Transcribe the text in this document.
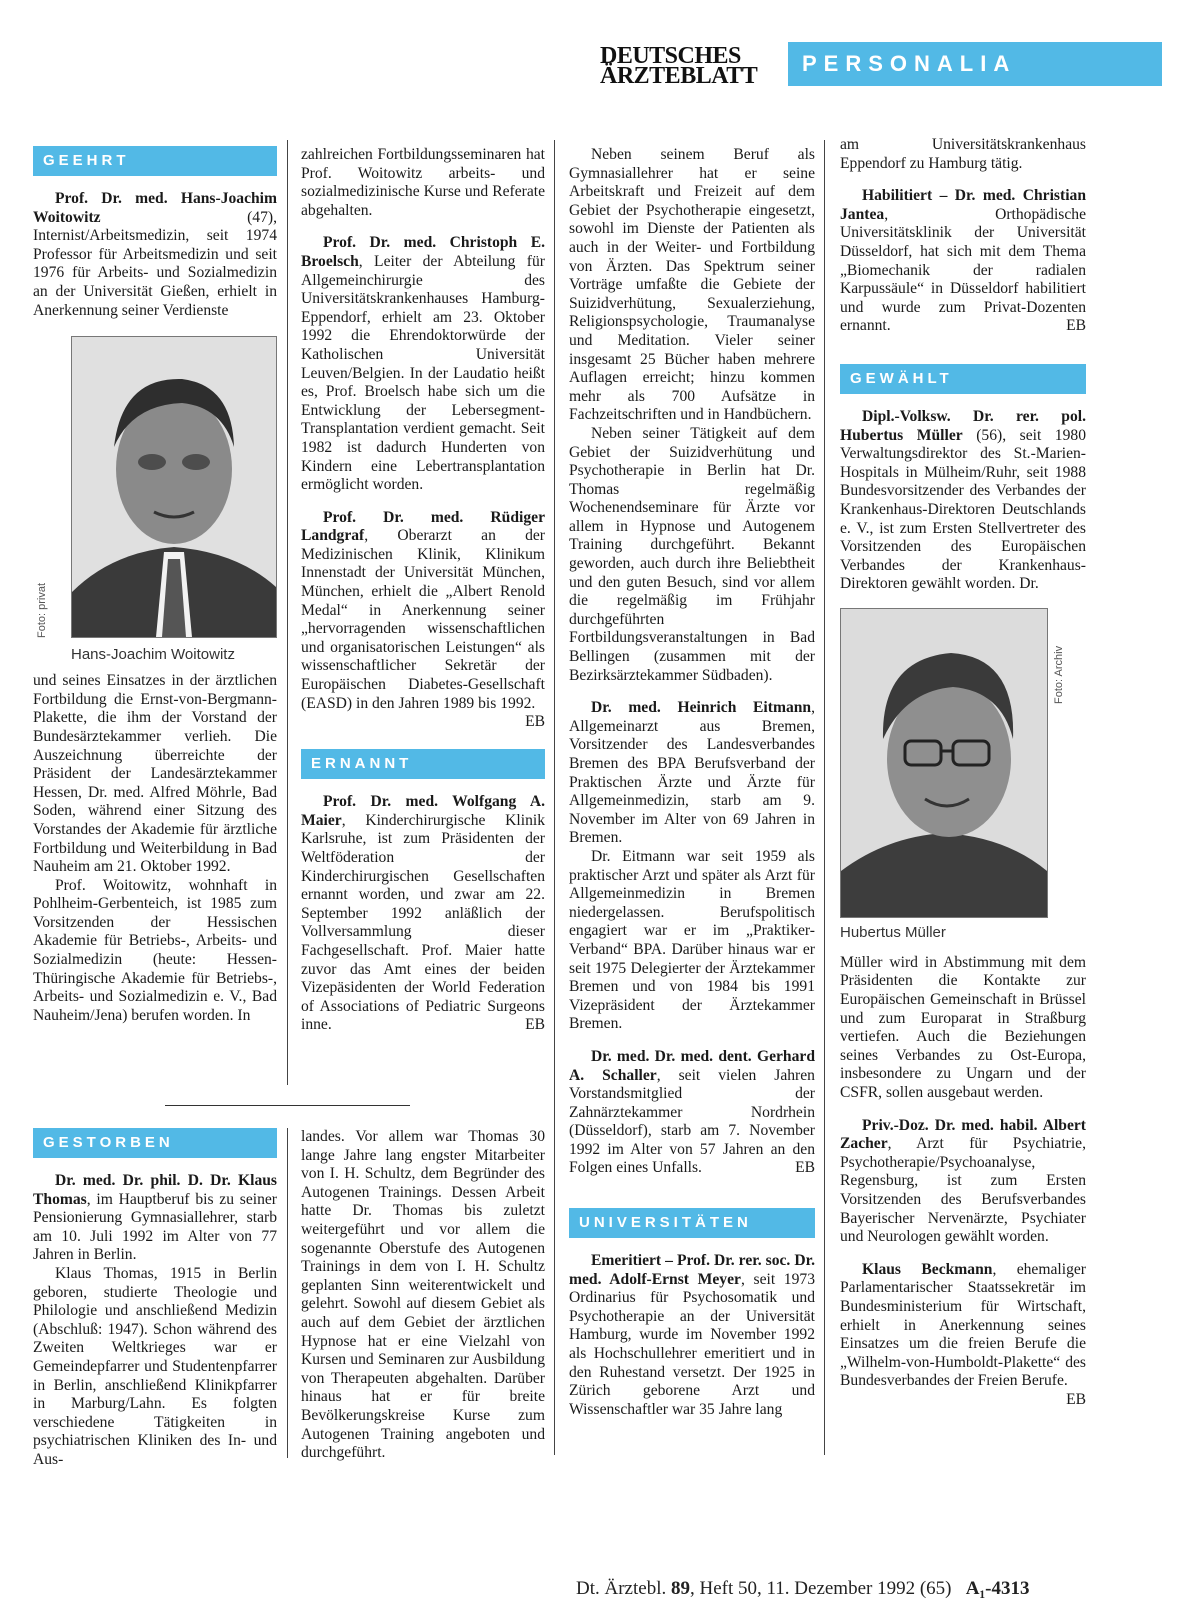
DEUTSCHES
ÄRZTEBLATT	PERSONALIA
GEEHRT

Prof. Dr. med. Hans-Joachim Woitowitz (47), Internist/Arbeitsmedizin, seit 1974 Professor für Arbeitsmedizin und seit 1976 für Arbeits- und Sozialmedizin an der Universität Gießen, erhielt in Anerkennung seiner Verdienste

Foto: privat
Hans-Joachim Woitowitz

und seines Einsatzes in der ärztlichen Fortbildung die Ernst-von-Bergmann-Plakette, die ihm der Vorstand der Bundesärztekammer verlieh. Die Auszeichnung überreichte der Präsident der Landesärztekammer Hessen, Dr. med. Alfred Möhrle, Bad Soden, während einer Sitzung des Vorstandes der Akademie für ärztliche Fortbildung und Weiterbildung in Bad Nauheim am 21. Oktober 1992.

Prof. Woitowitz, wohnhaft in Pohlheim-Gerbenteich, ist 1985 zum Vorsitzenden der Hessischen Akademie für Betriebs-, Arbeits- und Sozialmedizin (heute: Hessen-Thüringische Akademie für Betriebs-, Arbeits- und Sozialmedizin e. V., Bad Nauheim/Jena) berufen worden. In

GESTORBEN

Dr. med. Dr. phil. D. Dr. Klaus Thomas, im Hauptberuf bis zu seiner Pensionierung Gymnasiallehrer, starb am 10. Juli 1992 im Alter von 77 Jahren in Berlin.

Klaus Thomas, 1915 in Berlin geboren, studierte Theologie und Philologie und anschließend Medizin (Abschluß: 1947). Schon während des Zweiten Weltkrieges war er Gemeindepfarrer und Studentenpfarrer in Berlin, anschließend Klinikpfarrer in Marburg/Lahn. Es folgten verschiedene Tätigkeiten in psychiatrischen Kliniken des In- und Aus-

zahlreichen Fortbildungsseminaren hat Prof. Woitowitz arbeits- und sozialmedizinische Kurse und Referate abgehalten.

Prof. Dr. med. Christoph E. Broelsch, Leiter der Abteilung für Allgemeinchirurgie des Universitätskrankenhauses Hamburg-Eppendorf, erhielt am 23. Oktober 1992 die Ehrendoktorwürde der Katholischen Universität Leuven/Belgien. In der Laudatio heißt es, Prof. Broelsch habe sich um die Entwicklung der Lebersegment-Transplantation verdient gemacht. Seit 1982 ist dadurch Hunderten von Kindern eine Lebertransplantation ermöglicht worden.

Prof. Dr. med. Rüdiger Landgraf, Oberarzt an der Medizinischen Klinik, Klinikum Innenstadt der Universität München, München, erhielt die „Albert Renold Medal“ in Anerkennung seiner „hervorragenden wissenschaftlichen und organisatorischen Leistungen“ als wissenschaftlicher Sekretär der Europäischen Diabetes-Gesellschaft (EASD) in den Jahren 1989 bis 1992.
EB

ERNANNT

Prof. Dr. med. Wolfgang A. Maier, Kinderchirurgische Klinik Karlsruhe, ist zum Präsidenten der Weltföderation der Kinderchirurgischen Gesellschaften ernannt worden, und zwar am 22. September 1992 anläßlich der Vollversammlung dieser Fachgesellschaft. Prof. Maier hatte zuvor das Amt eines der beiden Vizepäsidenten der World Federation of Associations of Pediatric Surgeons inne.	EB

landes. Vor allem war Thomas 30 lange Jahre lang engster Mitarbeiter von I. H. Schultz, dem Begründer des Autogenen Trainings. Dessen Arbeit hatte Dr. Thomas bis zuletzt weitergeführt und vor allem die sogenannte Oberstufe des Autogenen Trainings in dem von I. H. Schultz geplanten Sinn weiterentwickelt und gelehrt. Sowohl auf diesem Gebiet als auch auf dem Gebiet der ärztlichen Hypnose hat er eine Vielzahl von Kursen und Seminaren zur Ausbildung von Therapeuten abgehalten. Darüber hinaus hat er für breite Bevölkerungskreise Kurse zum Autogenen Training angeboten und durchgeführt.

Neben seinem Beruf als Gymnasiallehrer hat er seine Arbeitskraft und Freizeit auf dem Gebiet der Psychotherapie eingesetzt, sowohl im Dienste der Patienten als auch in der Weiter- und Fortbildung von Ärzten. Das Spektrum seiner Vorträge umfaßte die Gebiete der Suizidverhütung, Sexualerziehung, Religionspsychologie, Traumanalyse und Meditation. Vieler seiner insgesamt 25 Bücher haben mehrere Auflagen erreicht; hinzu kommen mehr als 700 Aufsätze in Fachzeitschriften und in Handbüchern.

Neben seiner Tätigkeit auf dem Gebiet der Suizidverhütung und Psychotherapie in Berlin hat Dr. Thomas regelmäßig Wochenendseminare für Ärzte vor allem in Hypnose und Autogenem Training durchgeführt. Bekannt geworden, auch durch ihre Beliebtheit und den guten Besuch, sind vor allem die regelmäßig im Frühjahr durchgeführten Fortbildungsveranstaltungen in Bad Bellingen (zusammen mit der Bezirksärztekammer Südbaden).

Dr. med. Heinrich Eitmann, Allgemeinarzt aus Bremen, Vorsitzender des Landesverbandes Bremen des BPA Berufsverband der Praktischen Ärzte und Ärzte für Allgemeinmedizin, starb am 9. November im Alter von 69 Jahren in Bremen.

Dr. Eitmann war seit 1959 als praktischer Arzt und später als Arzt für Allgemeinmedizin in Bremen niedergelassen. Berufspolitisch engagiert war er im „Praktiker-Verband“ BPA. Darüber hinaus war er seit 1975 Delegierter der Ärztekammer Bremen und von 1984 bis 1991 Vizepräsident der Ärztekammer Bremen.

Dr. med. Dr. med. dent. Gerhard A. Schaller, seit vielen Jahren Vorstandsmitglied der Zahnärztekammer Nordrhein (Düsseldorf), starb am 7. November 1992 im Alter von 57 Jahren an den Folgen eines Unfalls.	EB

UNIVERSITÄTEN

Emeritiert – Prof. Dr. rer. soc. Dr. med. Adolf-Ernst Meyer, seit 1973 Ordinarius für Psychosomatik und Psychotherapie an der Universität Hamburg, wurde im November 1992 als Hochschullehrer emeritiert und in den Ruhestand versetzt. Der 1925 in Zürich geborene Arzt und Wissenschaftler war 35 Jahre lang

am Universitätskrankenhaus Eppendorf zu Hamburg tätig.

Habilitiert – Dr. med. Christian Jantea, Orthopädische Universitätsklinik der Universität Düsseldorf, hat sich mit dem Thema „Biomechanik der radialen Karpussäule“ in Düsseldorf habilitiert und wurde zum Privat-Dozenten ernannt.	EB

GEWÄHLT

Dipl.-Volksw. Dr. rer. pol. Hubertus Müller (56), seit 1980 Verwaltungsdirektor des St.-Marien-Hospitals in Mülheim/Ruhr, seit 1988 Bundesvorsitzender des Verbandes der Krankenhaus-Direktoren Deutschlands e. V., ist zum Ersten Stellvertreter des Vorsitzenden des Europäischen Verbandes der Krankenhaus-Direktoren gewählt worden. Dr.

Foto: Archiv
Hubertus Müller

Müller wird in Abstimmung mit dem Präsidenten die Kontakte zur Europäischen Gemeinschaft in Brüssel und zum Europarat in Straßburg vertiefen. Auch die Beziehungen seines Verbandes zu Ost-Europa, insbesondere zu Ungarn und der CSFR, sollen ausgebaut werden.

Priv.-Doz. Dr. med. habil. Albert Zacher, Arzt für Psychiatrie, Psychotherapie/Psychoanalyse, Regensburg, ist zum Ersten Vorsitzenden des Berufsverbandes Bayerischer Nervenärzte, Psychiater und Neurologen gewählt worden.

Klaus Beckmann, ehemaliger Parlamentarischer Staatssekretär im Bundesministerium für Wirtschaft, erhielt in Anerkennung seines Einsatzes um die freien Berufe die „Wilhelm-von-Humboldt-Plakette“ des Bundesverbandes der Freien Berufe.
EB

Dt. Ärztebl. 89, Heft 50, 11. Dezember 1992 (65) A₁-4313
